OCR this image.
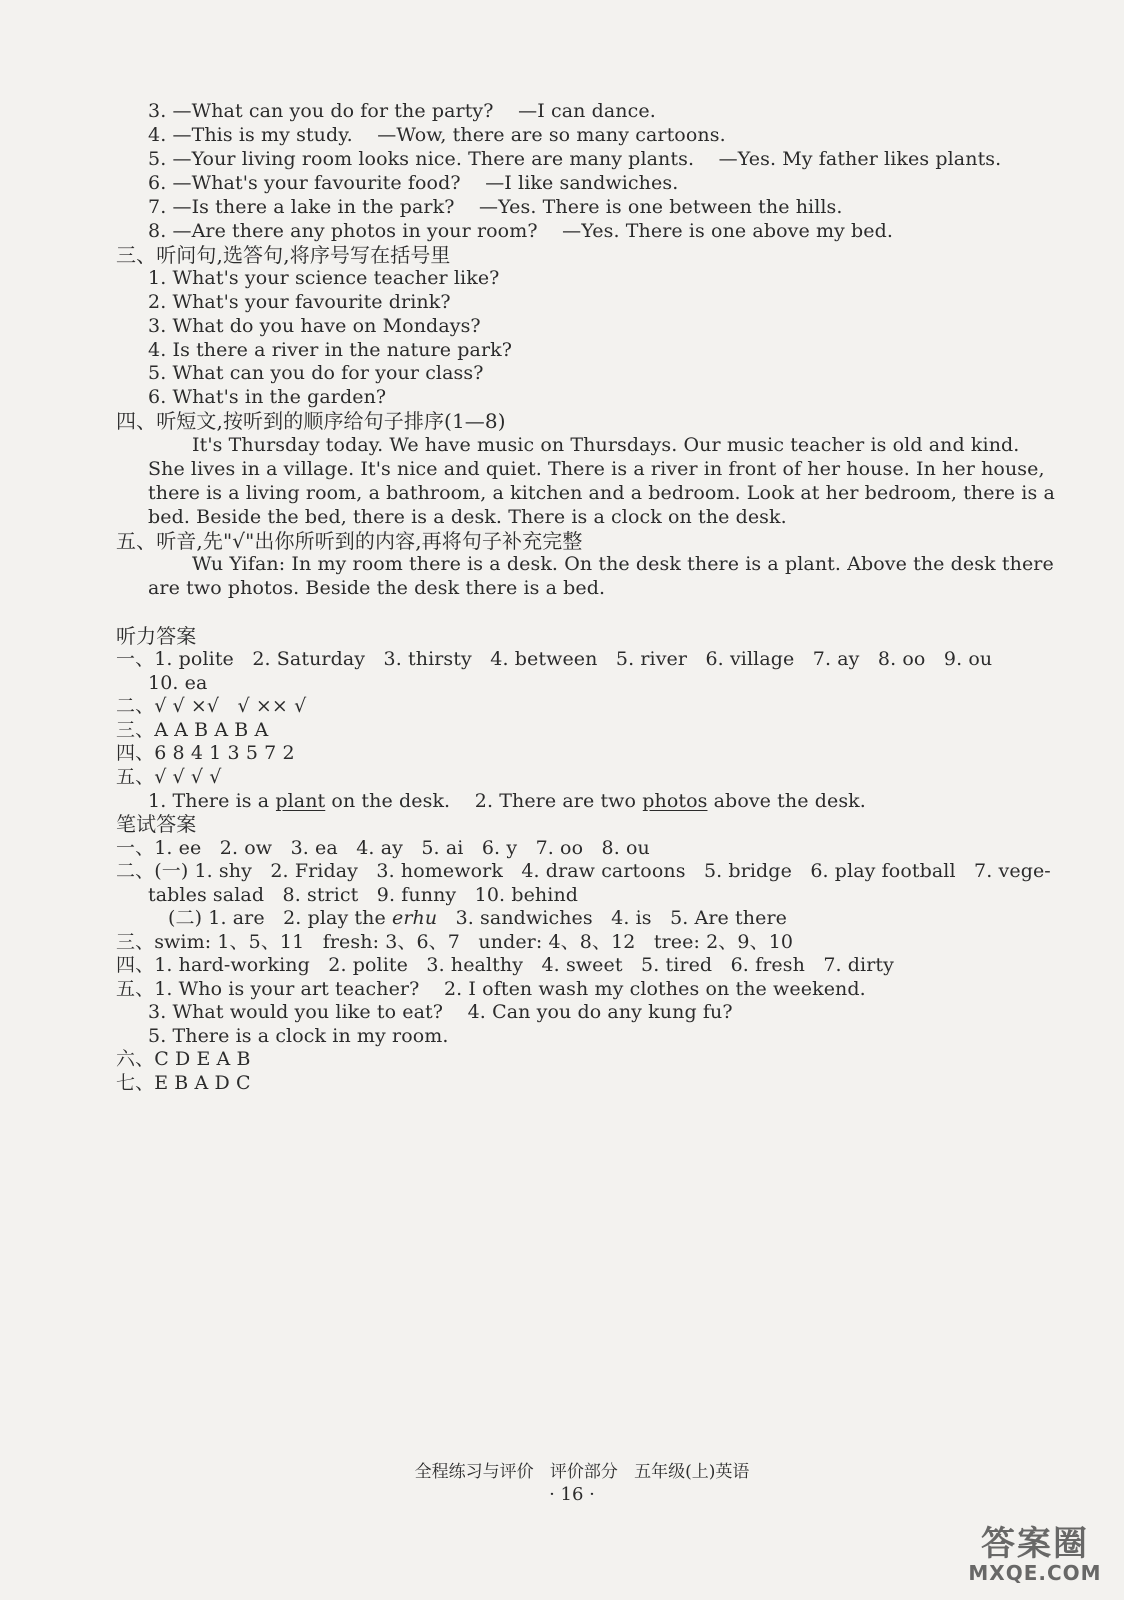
3. —What can you do for the party?    —I can dance.
4. —This is my study.    —Wow, there are so many cartoons.
5. —Your living room looks nice. There are many plants.    —Yes. My father likes plants.
6. —What's your favourite food?    —I like sandwiches.
7. —Is there a lake in the park?    —Yes. There is one between the hills.
8. —Are there any photos in your room?    —Yes. There is one above my bed.
三、听问句,选答句,将序号写在括号里
1. What's your science teacher like?
2. What's your favourite drink?
3. What do you have on Mondays?
4. Is there a river in the nature park?
5. What can you do for your class?
6. What's in the garden?
四、听短文,按听到的顺序给句子排序(1—8)
It's Thursday today. We have music on Thursdays. Our music teacher is old and kind.
She lives in a village. It's nice and quiet. There is a river in front of her house. In her house,
there is a living room, a bathroom, a kitchen and a bedroom. Look at her bedroom, there is a
bed. Beside the bed, there is a desk. There is a clock on the desk.
五、听音,先"√"出你所听到的内容,再将句子补充完整
Wu Yifan: In my room there is a desk. On the desk there is a plant. Above the desk there
are two photos. Beside the desk there is a bed.
听力答案
一、1. polite   2. Saturday   3. thirsty   4. between   5. river   6. village   7. ay   8. oo   9. ou
10. ea
二、√ √ ×√   √ ×× √
三、A A B A B A
四、6 8 4 1 3 5 7 2
五、√ √ √ √
1. There is a plant on the desk.    2. There are two photos above the desk.
笔试答案
一、1. ee   2. ow   3. ea   4. ay   5. ai   6. y   7. oo   8. ou
二、(一) 1. shy   2. Friday   3. homework   4. draw cartoons   5. bridge   6. play football   7. vege-
tables salad   8. strict   9. funny   10. behind
(二) 1. are   2. play the erhu   3. sandwiches   4. is   5. Are there
三、swim: 1、5、11   fresh: 3、6、7   under: 4、8、12   tree: 2、9、10
四、1. hard-working   2. polite   3. healthy   4. sweet   5. tired   6. fresh   7. dirty
五、1. Who is your art teacher?    2. I often wash my clothes on the weekend.
3. What would you like to eat?    4. Can you do any kung fu?
5. There is a clock in my room.
六、C D E A B
七、E B A D C
全程练习与评价   评价部分   五年级(上)英语
· 16 ·
答案圈
MXQE.COM
